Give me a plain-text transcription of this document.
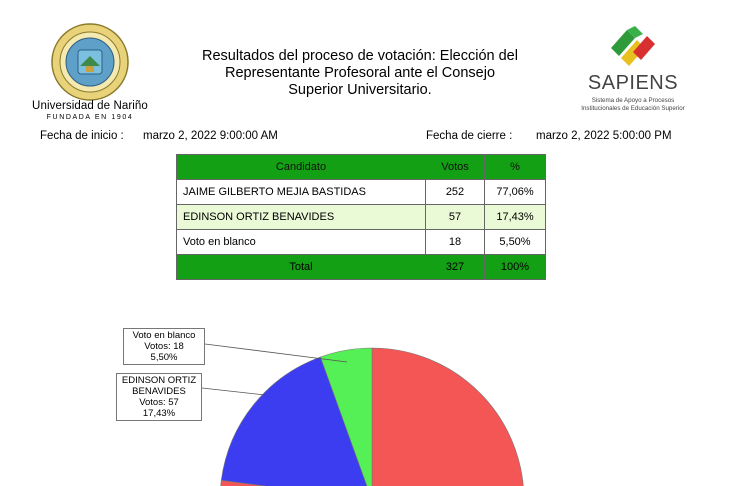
Universidad de Nariño
FUNDADA EN 1904
Resultados del proceso de votación: Elección del
Representante Profesoral ante el Consejo
Superior Universitario.	SAPIENS
Sistema de Apoyo a Procesos
Institucionales de Educación Superior
Fecha de inicio : marzo 2, 2022 9:00:00 AM	Fecha de cierre : marzo 2, 2022 5:00:00 PM
Candidato	Votos	%
JAIME GILBERTO MEJIA BASTIDAS	252	77,06%
EDINSON ORTIZ BENAVIDES	57	17,43%
Voto en blanco	18	5,50%
Total	327	100%
Voto en blanco
Votos: 18
5,50%
EDINSON ORTIZ
BENAVIDES
Votos: 57
17,43%
